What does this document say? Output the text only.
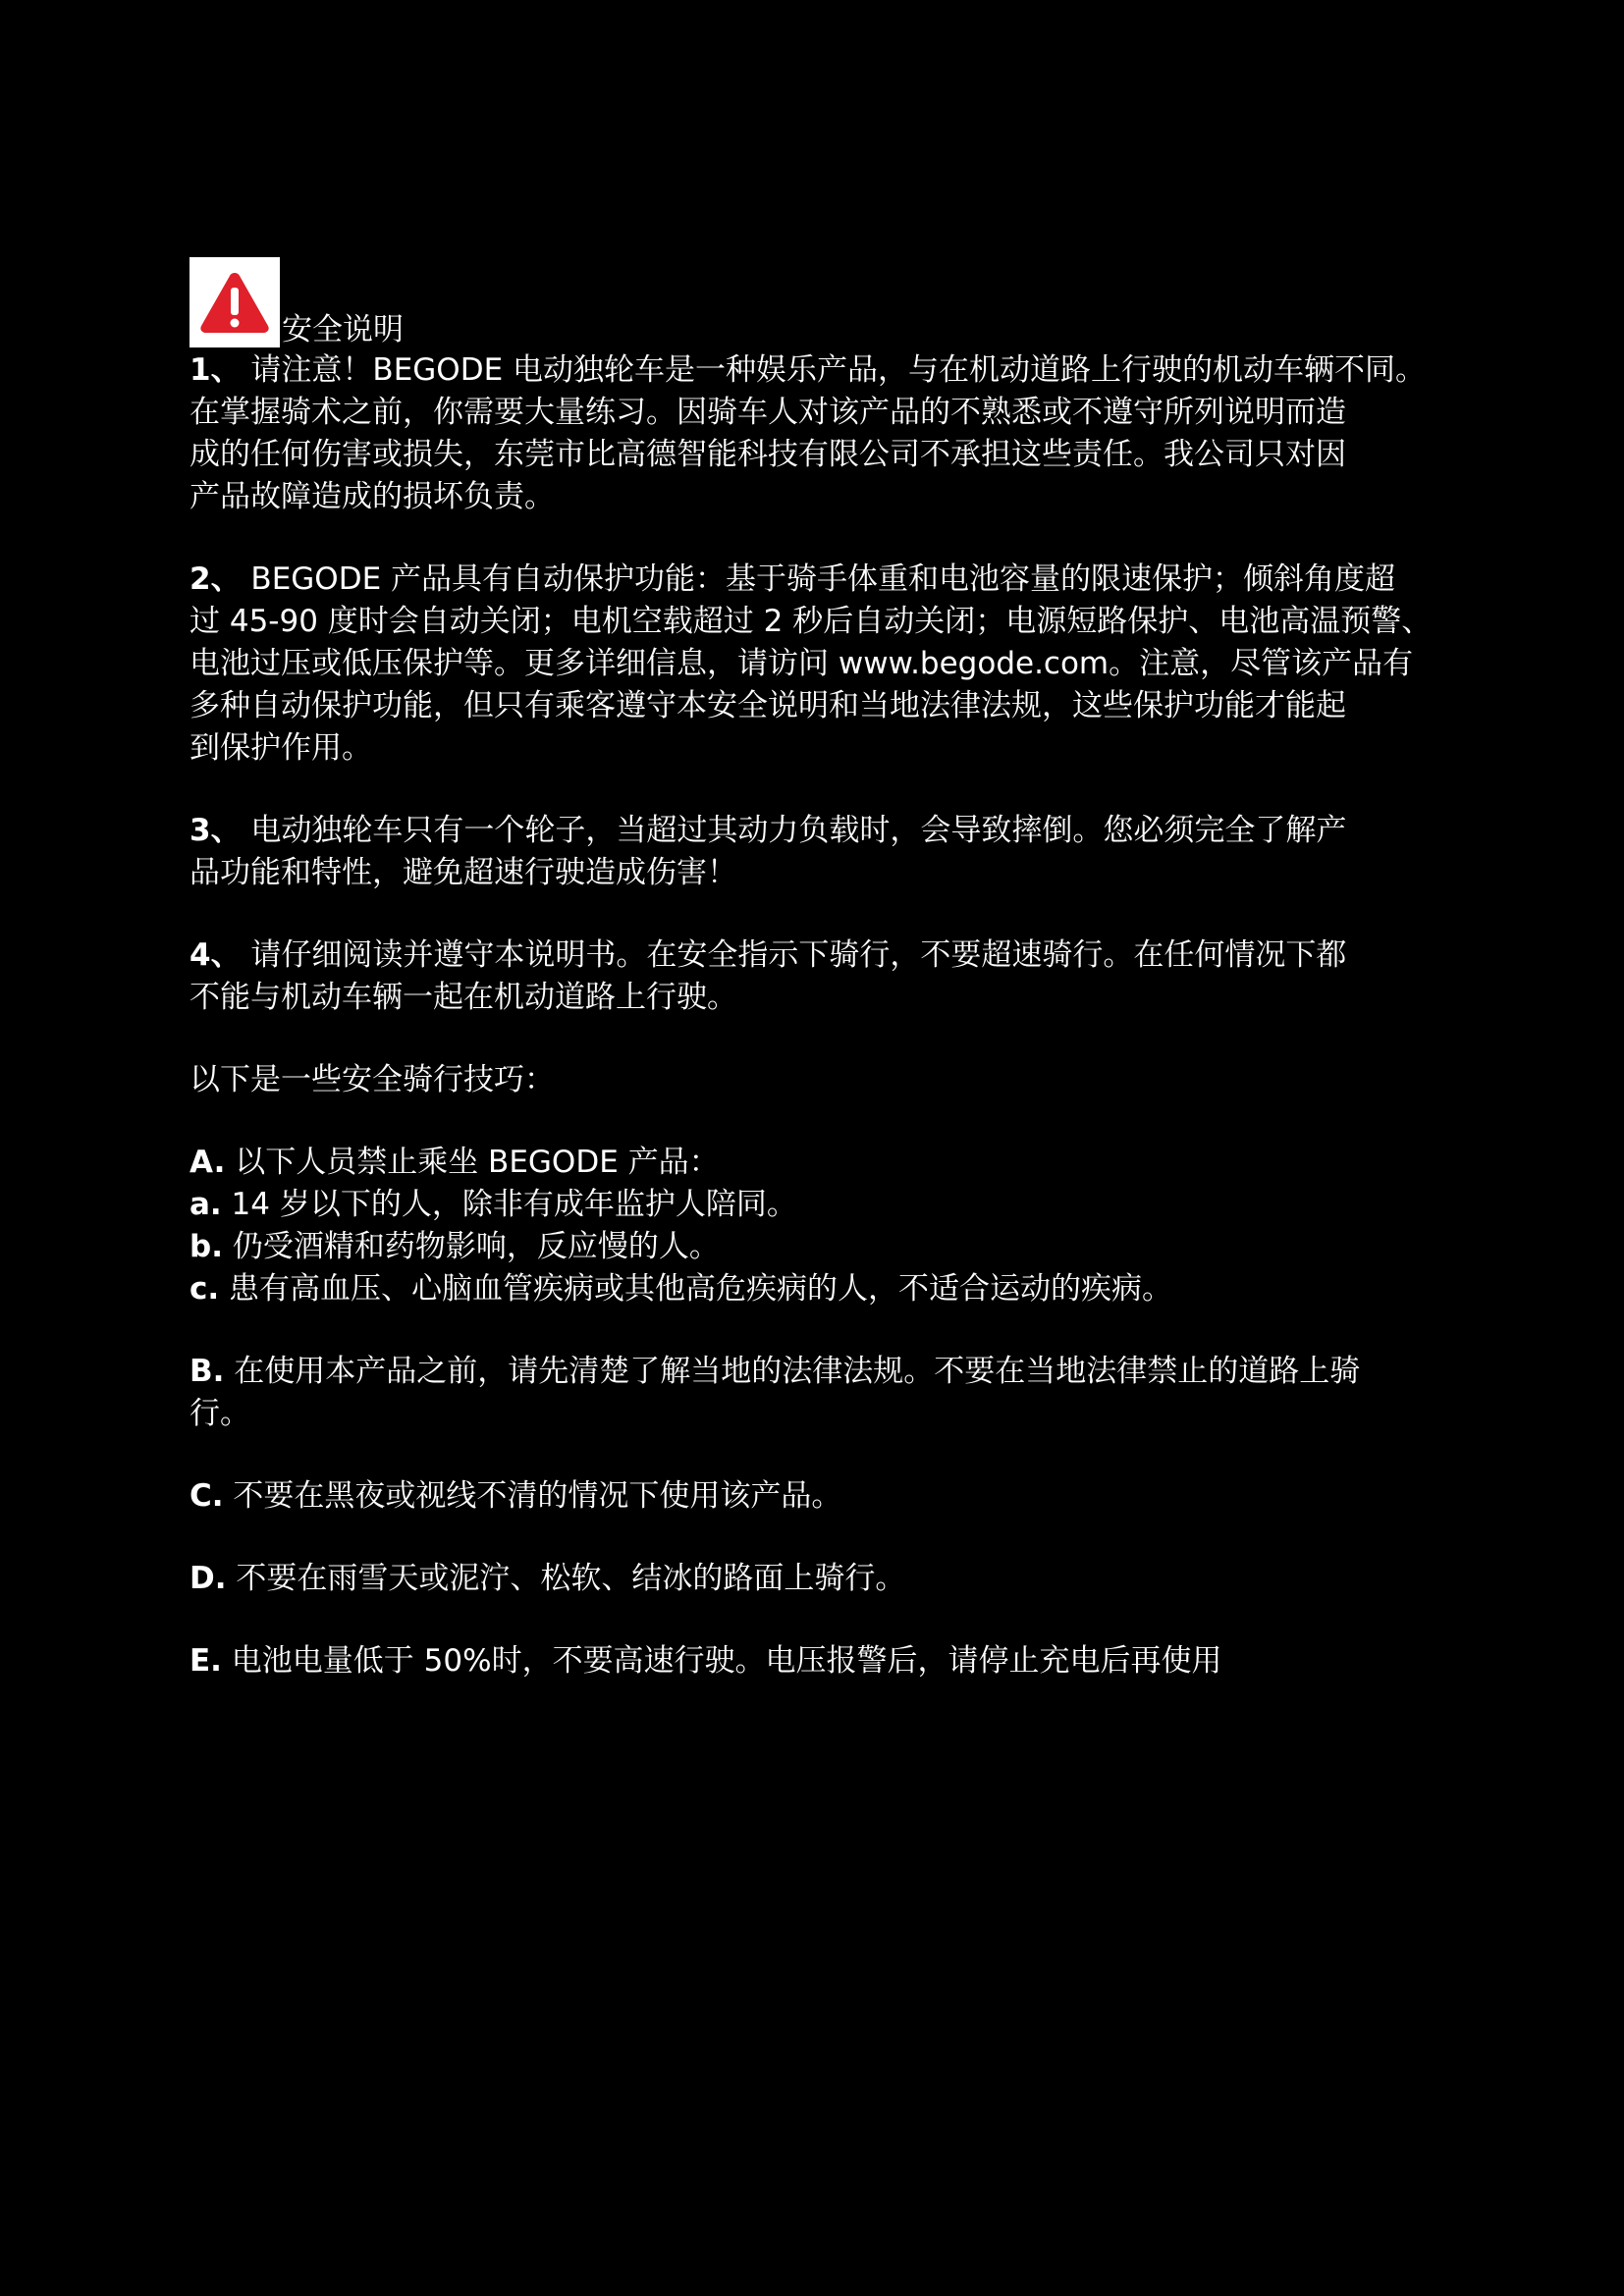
安全说明

1、 请注意！BEGODE 电动独轮车是一种娱乐产品，与在机动道路上行驶的机动车辆不同。
在掌握骑术之前，你需要大量练习。因骑车人对该产品的不熟悉或不遵守所列说明而造
成的任何伤害或损失，东莞市比高德智能科技有限公司不承担这些责任。我公司只对因
产品故障造成的损坏负责。

2、 BEGODE 产品具有自动保护功能：基于骑手体重和电池容量的限速保护；倾斜角度超
过 45-90 度时会自动关闭；电机空载超过 2 秒后自动关闭；电源短路保护、电池高温预警、
电池过压或低压保护等。更多详细信息，请访问 www.begode.com。注意，尽管该产品有
多种自动保护功能，但只有乘客遵守本安全说明和当地法律法规，这些保护功能才能起
到保护作用。

3、 电动独轮车只有一个轮子，当超过其动力负载时，会导致摔倒。您必须完全了解产
品功能和特性，避免超速行驶造成伤害！

4、 请仔细阅读并遵守本说明书。在安全指示下骑行，不要超速骑行。在任何情况下都
不能与机动车辆一起在机动道路上行驶。

以下是一些安全骑行技巧：

A. 以下人员禁止乘坐 BEGODE 产品：
a. 14 岁以下的人，除非有成年监护人陪同。
b. 仍受酒精和药物影响，反应慢的人。
c. 患有高血压、心脑血管疾病或其他高危疾病的人，不适合运动的疾病。

B. 在使用本产品之前，请先清楚了解当地的法律法规。不要在当地法律禁止的道路上骑
行。

C. 不要在黑夜或视线不清的情况下使用该产品。

D. 不要在雨雪天或泥泞、松软、结冰的路面上骑行。

E. 电池电量低于 50%时，不要高速行驶。电压报警后，请停止充电后再使用
